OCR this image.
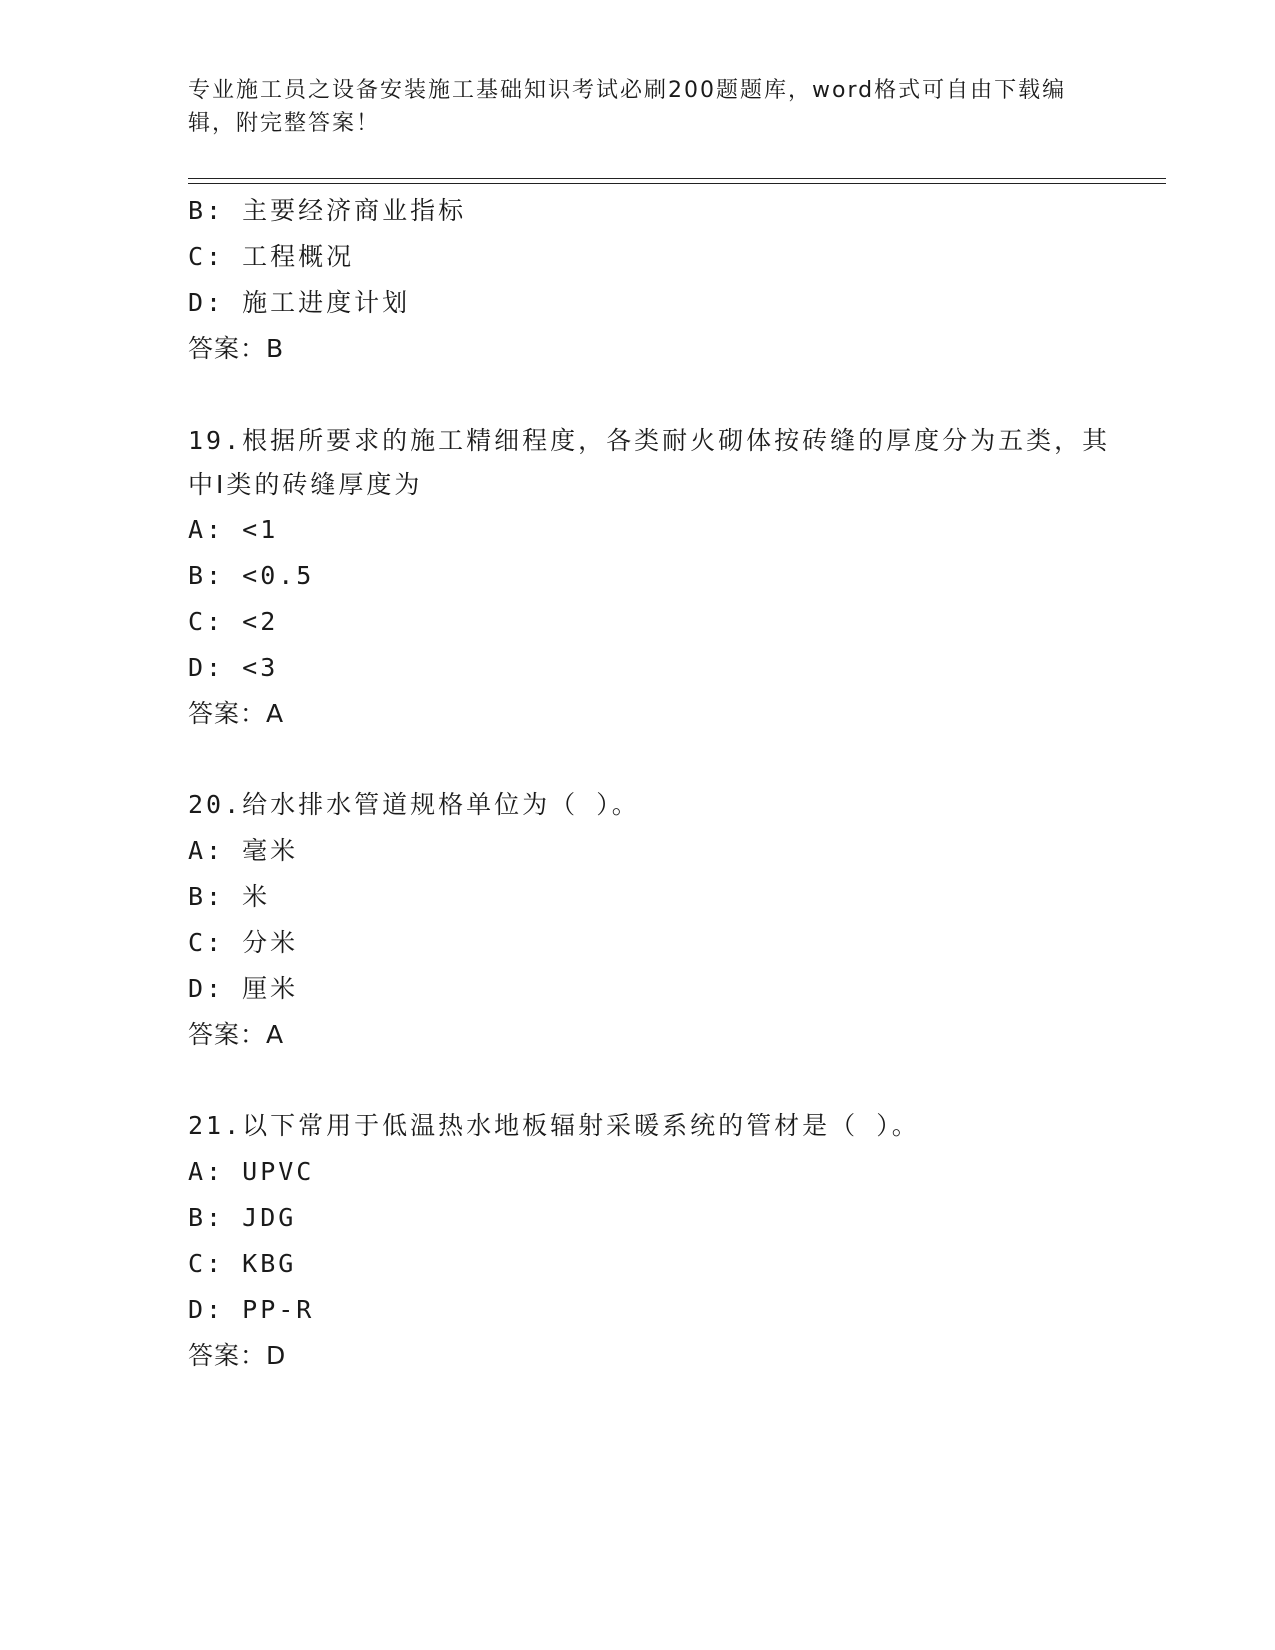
专业施工员之设备安装施工基础知识考试必刷200题题库，word格式可自由下载编辑，附完整答案！
B: 主要经济商业指标
C: 工程概况
D: 施工进度计划
答案：B
19.根据所要求的施工精细程度，各类耐火砌体按砖缝的厚度分为五类，其中Ⅰ类的砖缝厚度为
A: <1
B: <0.5
C: <2
D: <3
答案：A
20.给水排水管道规格单位为（ ）。
A: 毫米
B: 米
C: 分米
D: 厘米
答案：A
21.以下常用于低温热水地板辐射采暖系统的管材是（ ）。
A: UPVC
B: JDG
C: KBG
D: PP-R
答案：D
